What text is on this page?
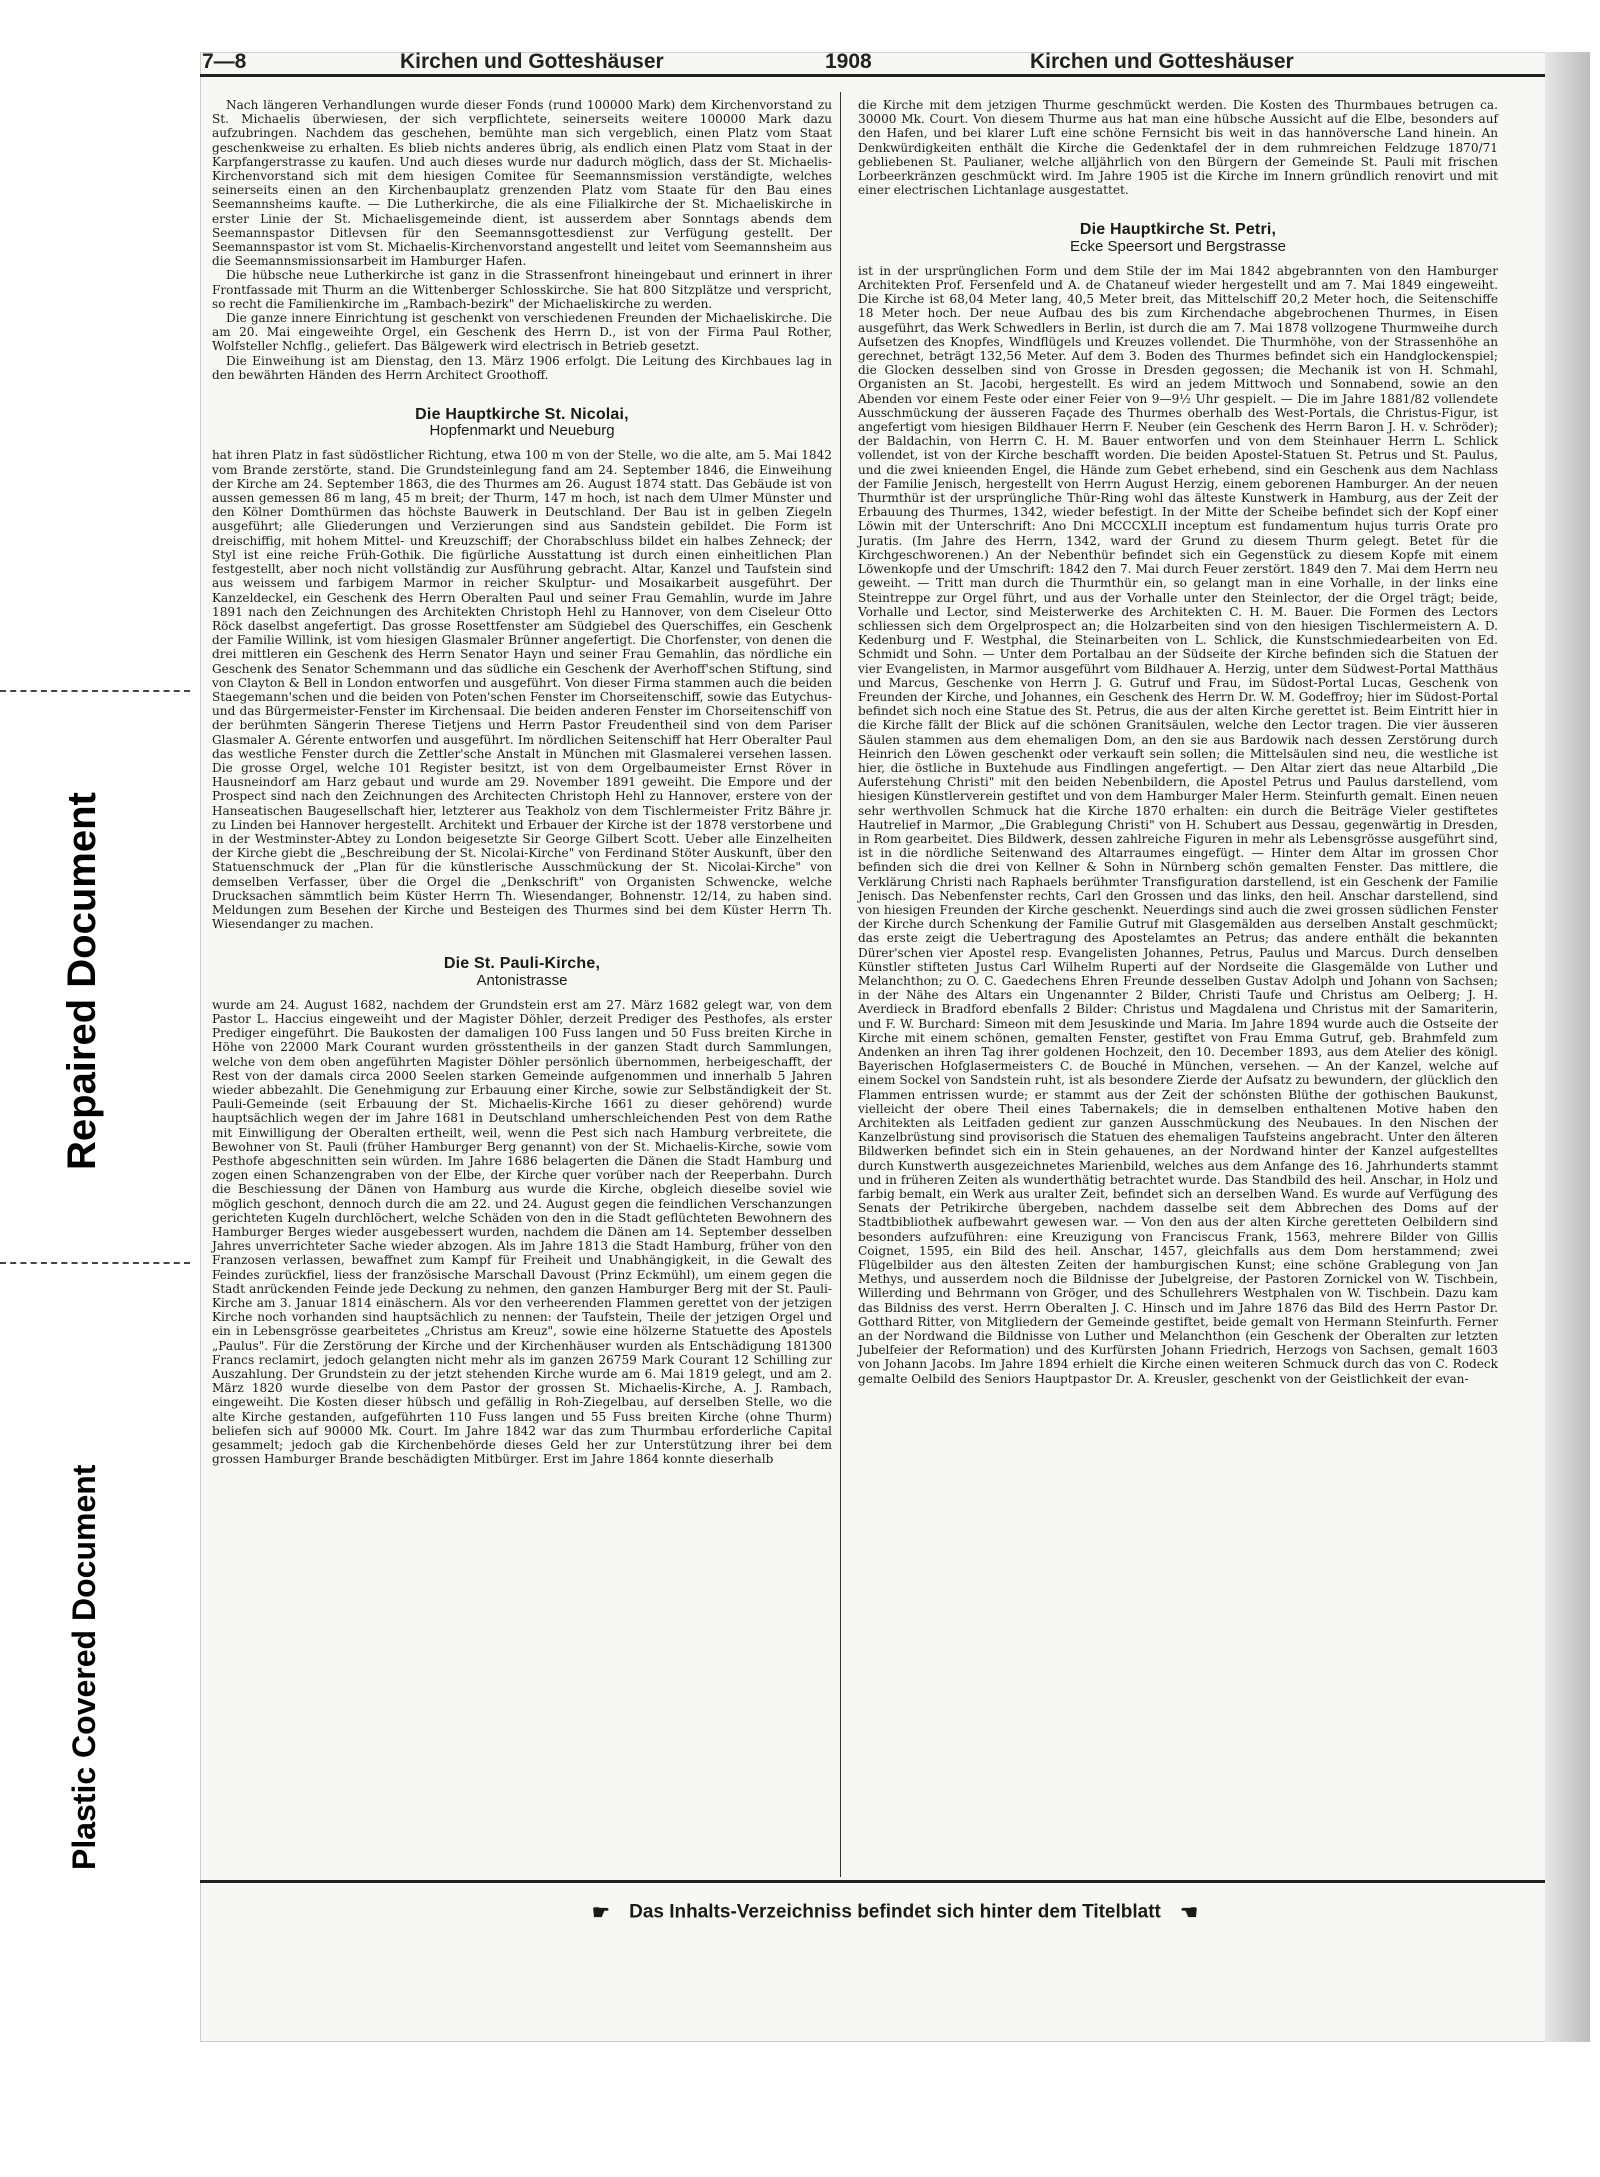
Repaired Document
Plastic Covered Document
7—8	Kirchen und Gotteshäuser	1908	Kirchen und Gotteshäuser

Nach längeren Verhandlungen wurde dieser Fonds (rund 100000 Mark) dem Kirchenvorstand zu St. Michaelis überwiesen, der sich verpflichtete, seinerseits weitere 100000 Mark dazu aufzubringen. Nachdem das geschehen, bemühte man sich vergeblich, einen Platz vom Staat geschenkweise zu erhalten. Es blieb nichts anderes übrig, als endlich einen Platz vom Staat in der Karpfangerstrasse zu kaufen. Und auch dieses wurde nur dadurch möglich, dass der St. Michaelis-Kirchenvorstand sich mit dem hiesigen Comitee für Seemannsmission verständigte, welches seinerseits einen an den Kirchenbauplatz grenzenden Platz vom Staate für den Bau eines Seemannsheims kaufte. — Die Lutherkirche, die als eine Filialkirche der St. Michaeliskirche in erster Linie der St. Michaelisgemeinde dient, ist ausserdem aber Sonntags abends dem Seemannspastor Ditlevsen für den Seemannsgottesdienst zur Verfügung gestellt. Der Seemannspastor ist vom St. Michaelis-Kirchenvorstand angestellt und leitet vom Seemannsheim aus die Seemannsmissionsarbeit im Hamburger Hafen.

Die hübsche neue Lutherkirche ist ganz in die Strassenfront hineingebaut und erinnert in ihrer Frontfassade mit Thurm an die Wittenberger Schlosskirche. Sie hat 800 Sitzplätze und verspricht, so recht die Familienkirche im „Rambach-bezirk" der Michaeliskirche zu werden.

Die ganze innere Einrichtung ist geschenkt von verschiedenen Freunden der Michaeliskirche. Die am 20. Mai eingeweihte Orgel, ein Geschenk des Herrn D., ist von der Firma Paul Rother, Wolfsteller Nchflg., geliefert. Das Bälgewerk wird electrisch in Betrieb gesetzt.

Die Einweihung ist am Dienstag, den 13. März 1906 erfolgt. Die Leitung des Kirchbaues lag in den bewährten Händen des Herrn Architect Groothoff.

Die Hauptkirche St. Nicolai,
Hopfenmarkt und Neueburg

hat ihren Platz in fast südöstlicher Richtung, etwa 100 m von der Stelle, wo die alte, am 5. Mai 1842 vom Brande zerstörte, stand. Die Grundsteinlegung fand am 24. September 1846, die Einweihung der Kirche am 24. September 1863, die des Thurmes am 26. August 1874 statt. Das Gebäude ist von aussen gemessen 86 m lang, 45 m breit; der Thurm, 147 m hoch, ist nach dem Ulmer Münster und den Kölner Domthürmen das höchste Bauwerk in Deutschland. Der Bau ist in gelben Ziegeln ausgeführt; alle Gliederungen und Verzierungen sind aus Sandstein gebildet. Die Form ist dreischiffig, mit hohem Mittel- und Kreuzschiff; der Chorabschluss bildet ein halbes Zehneck; der Styl ist eine reiche Früh-Gothik. Die figürliche Ausstattung ist durch einen einheitlichen Plan festgestellt, aber noch nicht vollständig zur Ausführung gebracht. Altar, Kanzel und Taufstein sind aus weissem und farbigem Marmor in reicher Skulptur- und Mosaikarbeit ausgeführt. Der Kanzeldeckel, ein Geschenk des Herrn Oberalten Paul und seiner Frau Gemahlin, wurde im Jahre 1891 nach den Zeichnungen des Architekten Christoph Hehl zu Hannover, von dem Ciseleur Otto Röck daselbst angefertigt. Das grosse Rosettfenster am Südgiebel des Querschiffes, ein Geschenk der Familie Willink, ist vom hiesigen Glasmaler Brünner angefertigt. Die Chorfenster, von denen die drei mittleren ein Geschenk des Herrn Senator Hayn und seiner Frau Gemahlin, das nördliche ein Geschenk des Senator Schemmann und das südliche ein Geschenk der Averhoff'schen Stiftung, sind von Clayton & Bell in London entworfen und ausgeführt. Von dieser Firma stammen auch die beiden Staegemann'schen und die beiden von Poten'schen Fenster im Chorseitenschiff, sowie das Eutychus- und das Bürgermeister-Fenster im Kirchensaal. Die beiden anderen Fenster im Chorseitenschiff von der berühmten Sängerin Therese Tietjens und Herrn Pastor Freudentheil sind von dem Pariser Glasmaler A. Gérente entworfen und ausgeführt. Im nördlichen Seitenschiff hat Herr Oberalter Paul das westliche Fenster durch die Zettler'sche Anstalt in München mit Glasmalerei versehen lassen. Die grosse Orgel, welche 101 Register besitzt, ist von dem Orgelbaumeister Ernst Röver in Hausneindorf am Harz gebaut und wurde am 29. November 1891 geweiht. Die Empore und der Prospect sind nach den Zeichnungen des Architecten Christoph Hehl zu Hannover, erstere von der Hanseatischen Baugesellschaft hier, letzterer aus Teakholz von dem Tischlermeister Fritz Bähre jr. zu Linden bei Hannover hergestellt. Architekt und Erbauer der Kirche ist der 1878 verstorbene und in der Westminster-Abtey zu London beigesetzte Sir George Gilbert Scott. Ueber alle Einzelheiten der Kirche giebt die „Beschreibung der St. Nicolai-Kirche" von Ferdinand Stöter Auskunft, über den Statuenschmuck der „Plan für die künstlerische Ausschmückung der St. Nicolai-Kirche" von demselben Verfasser, über die Orgel die „Denkschrift" von Organisten Schwencke, welche Drucksachen sämmtlich beim Küster Herrn Th. Wiesendanger, Bohnenstr. 12/14, zu haben sind. Meldungen zum Besehen der Kirche und Besteigen des Thurmes sind bei dem Küster Herrn Th. Wiesendanger zu machen.

Die St. Pauli-Kirche,
Antonistrasse

wurde am 24. August 1682, nachdem der Grundstein erst am 27. März 1682 gelegt war, von dem Pastor L. Haccius eingeweiht und der Magister Döhler, derzeit Prediger des Pesthofes, als erster Prediger eingeführt. Die Baukosten der damaligen 100 Fuss langen und 50 Fuss breiten Kirche in Höhe von 22000 Mark Courant wurden grösstentheils in der ganzen Stadt durch Sammlungen, welche von dem oben angeführten Magister Döhler persönlich übernommen, herbeigeschafft, der Rest von der damals circa 2000 Seelen starken Gemeinde aufgenommen und innerhalb 5 Jahren wieder abbezahlt. Die Genehmigung zur Erbauung einer Kirche, sowie zur Selbständigkeit der St. Pauli-Gemeinde (seit Erbauung der St. Michaelis-Kirche 1661 zu dieser gehörend) wurde hauptsächlich wegen der im Jahre 1681 in Deutschland umherschleichenden Pest von dem Rathe mit Einwilligung der Oberalten ertheilt, weil, wenn die Pest sich nach Hamburg verbreitete, die Bewohner von St. Pauli (früher Hamburger Berg genannt) von der St. Michaelis-Kirche, sowie vom Pesthofe abgeschnitten sein würden. Im Jahre 1686 belagerten die Dänen die Stadt Hamburg und zogen einen Schanzengraben von der Elbe, der Kirche quer vorüber nach der Reeperbahn. Durch die Beschiessung der Dänen von Hamburg aus wurde die Kirche, obgleich dieselbe soviel wie möglich geschont, dennoch durch die am 22. und 24. August gegen die feindlichen Verschanzungen gerichteten Kugeln durchlöchert, welche Schäden von den in die Stadt geflüchteten Bewohnern des Hamburger Berges wieder ausgebessert wurden, nachdem die Dänen am 14. September desselben Jahres unverrichteter Sache wieder abzogen. Als im Jahre 1813 die Stadt Hamburg, früher von den Franzosen verlassen, bewaffnet zum Kampf für Freiheit und Unabhängigkeit, in die Gewalt des Feindes zurückfiel, liess der französische Marschall Davoust (Prinz Eckmühl), um einem gegen die Stadt anrückenden Feinde jede Deckung zu nehmen, den ganzen Hamburger Berg mit der St. Pauli-Kirche am 3. Januar 1814 einäschern. Als vor den verheerenden Flammen gerettet von der jetzigen Kirche noch vorhanden sind hauptsächlich zu nennen: der Taufstein, Theile der jetzigen Orgel und ein in Lebensgrösse gearbeitetes „Christus am Kreuz", sowie eine hölzerne Statuette des Apostels „Paulus". Für die Zerstörung der Kirche und der Kirchenhäuser wurden als Entschädigung 181300 Francs reclamirt, jedoch gelangten nicht mehr als im ganzen 26759 Mark Courant 12 Schilling zur Auszahlung. Der Grundstein zu der jetzt stehenden Kirche wurde am 6. Mai 1819 gelegt, und am 2. März 1820 wurde dieselbe von dem Pastor der grossen St. Michaelis-Kirche, A. J. Rambach, eingeweiht. Die Kosten dieser hübsch und gefällig in Roh-Ziegelbau, auf derselben Stelle, wo die alte Kirche gestanden, aufgeführten 110 Fuss langen und 55 Fuss breiten Kirche (ohne Thurm) beliefen sich auf 90000 Mk. Court. Im Jahre 1842 war das zum Thurmbau erforderliche Capital gesammelt; jedoch gab die Kirchenbehörde dieses Geld her zur Unterstützung ihrer bei dem grossen Hamburger Brande beschädigten Mitbürger. Erst im Jahre 1864 konnte dieserhalb

die Kirche mit dem jetzigen Thurme geschmückt werden. Die Kosten des Thurmbaues betrugen ca. 30000 Mk. Court. Von diesem Thurme aus hat man eine hübsche Aussicht auf die Elbe, besonders auf den Hafen, und bei klarer Luft eine schöne Fernsicht bis weit in das hannöversche Land hinein. An Denkwürdigkeiten enthält die Kirche die Gedenktafel der in dem ruhmreichen Feldzuge 1870/71 gebliebenen St. Paulianer, welche alljährlich von den Bürgern der Gemeinde St. Pauli mit frischen Lorbeerkränzen geschmückt wird. Im Jahre 1905 ist die Kirche im Innern gründlich renovirt und mit einer electrischen Lichtanlage ausgestattet.

Die Hauptkirche St. Petri,
Ecke Speersort und Bergstrasse

ist in der ursprünglichen Form und dem Stile der im Mai 1842 abgebrannten von den Hamburger Architekten Prof. Fersenfeld und A. de Chataneuf wieder hergestellt und am 7. Mai 1849 eingeweiht. Die Kirche ist 68,04 Meter lang, 40,5 Meter breit, das Mittelschiff 20,2 Meter hoch, die Seitenschiffe 18 Meter hoch. Der neue Aufbau des bis zum Kirchendache abgebrochenen Thurmes, in Eisen ausgeführt, das Werk Schwedlers in Berlin, ist durch die am 7. Mai 1878 vollzogene Thurmweihe durch Aufsetzen des Knopfes, Windflügels und Kreuzes vollendet. Die Thurmhöhe, von der Strassenhöhe an gerechnet, beträgt 132,56 Meter. Auf dem 3. Boden des Thurmes befindet sich ein Handglockenspiel; die Glocken desselben sind von Grosse in Dresden gegossen; die Mechanik ist von H. Schmahl, Organisten an St. Jacobi, hergestellt. Es wird an jedem Mittwoch und Sonnabend, sowie an den Abenden vor einem Feste oder einer Feier von 9—9½ Uhr gespielt. — Die im Jahre 1881/82 vollendete Ausschmückung der äusseren Façade des Thurmes oberhalb des West-Portals, die Christus-Figur, ist angefertigt vom hiesigen Bildhauer Herrn F. Neuber (ein Geschenk des Herrn Baron J. H. v. Schröder); der Baldachin, von Herrn C. H. M. Bauer entworfen und von dem Steinhauer Herrn L. Schlick vollendet, ist von der Kirche beschafft worden. Die beiden Apostel-Statuen St. Petrus und St. Paulus, und die zwei knieenden Engel, die Hände zum Gebet erhebend, sind ein Geschenk aus dem Nachlass der Familie Jenisch, hergestellt von Herrn August Herzig, einem geborenen Hamburger. An der neuen Thurmthür ist der ursprüngliche Thür-Ring wohl das älteste Kunstwerk in Hamburg, aus der Zeit der Erbauung des Thurmes, 1342, wieder befestigt. In der Mitte der Scheibe befindet sich der Kopf einer Löwin mit der Unterschrift: Ano Dni MCCCXLII inceptum est fundamentum hujus turris Orate pro Juratis. (Im Jahre des Herrn, 1342, ward der Grund zu diesem Thurm gelegt. Betet für die Kirchgeschworenen.) An der Nebenthür befindet sich ein Gegenstück zu diesem Kopfe mit einem Löwenkopfe und der Umschrift: 1842 den 7. Mai durch Feuer zerstört. 1849 den 7. Mai dem Herrn neu geweiht. — Tritt man durch die Thurmthür ein, so gelangt man in eine Vorhalle, in der links eine Steintreppe zur Orgel führt, und aus der Vorhalle unter den Steinlector, der die Orgel trägt; beide, Vorhalle und Lector, sind Meisterwerke des Architekten C. H. M. Bauer. Die Formen des Lectors schliessen sich dem Orgelprospect an; die Holzarbeiten sind von den hiesigen Tischlermeistern A. D. Kedenburg und F. Westphal, die Steinarbeiten von L. Schlick, die Kunstschmiedearbeiten von Ed. Schmidt und Sohn. — Unter dem Portalbau an der Südseite der Kirche befinden sich die Statuen der vier Evangelisten, in Marmor ausgeführt vom Bildhauer A. Herzig, unter dem Südwest-Portal Matthäus und Marcus, Geschenke von Herrn J. G. Gutruf und Frau, im Südost-Portal Lucas, Geschenk von Freunden der Kirche, und Johannes, ein Geschenk des Herrn Dr. W. M. Godeffroy; hier im Südost-Portal befindet sich noch eine Statue des St. Petrus, die aus der alten Kirche gerettet ist. Beim Eintritt hier in die Kirche fällt der Blick auf die schönen Granitsäulen, welche den Lector tragen. Die vier äusseren Säulen stammen aus dem ehemaligen Dom, an den sie aus Bardowik nach dessen Zerstörung durch Heinrich den Löwen geschenkt oder verkauft sein sollen; die Mittelsäulen sind neu, die westliche ist hier, die östliche in Buxtehude aus Findlingen angefertigt. — Den Altar ziert das neue Altarbild „Die Auferstehung Christi" mit den beiden Nebenbildern, die Apostel Petrus und Paulus darstellend, vom hiesigen Künstlerverein gestiftet und von dem Hamburger Maler Herm. Steinfurth gemalt. Einen neuen sehr werthvollen Schmuck hat die Kirche 1870 erhalten: ein durch die Beiträge Vieler gestiftetes Hautrelief in Marmor, „Die Grablegung Christi" von H. Schubert aus Dessau, gegenwärtig in Dresden, in Rom gearbeitet. Dies Bildwerk, dessen zahlreiche Figuren in mehr als Lebensgrösse ausgeführt sind, ist in die nördliche Seitenwand des Altarraumes eingefügt. — Hinter dem Altar im grossen Chor befinden sich die drei von Kellner & Sohn in Nürnberg schön gemalten Fenster. Das mittlere, die Verklärung Christi nach Raphaels berühmter Transfiguration darstellend, ist ein Geschenk der Familie Jenisch. Das Nebenfenster rechts, Carl den Grossen und das links, den heil. Anschar darstellend, sind von hiesigen Freunden der Kirche geschenkt. Neuerdings sind auch die zwei grossen südlichen Fenster der Kirche durch Schenkung der Familie Gutruf mit Glasgemälden aus derselben Anstalt geschmückt; das erste zeigt die Uebertragung des Apostelamtes an Petrus; das andere enthält die bekannten Dürer'schen vier Apostel resp. Evangelisten Johannes, Petrus, Paulus und Marcus. Durch denselben Künstler stifteten Justus Carl Wilhelm Ruperti auf der Nordseite die Glasgemälde von Luther und Melanchthon; zu O. C. Gaedechens Ehren Freunde desselben Gustav Adolph und Johann von Sachsen; in der Nähe des Altars ein Ungenannter 2 Bilder, Christi Taufe und Christus am Oelberg; J. H. Averdieck in Bradford ebenfalls 2 Bilder: Christus und Magdalena und Christus mit der Samariterin, und F. W. Burchard: Simeon mit dem Jesuskinde und Maria. Im Jahre 1894 wurde auch die Ostseite der Kirche mit einem schönen, gemalten Fenster, gestiftet von Frau Emma Gutruf, geb. Brahmfeld zum Andenken an ihren Tag ihrer goldenen Hochzeit, den 10. December 1893, aus dem Atelier des königl. Bayerischen Hofglasermeisters C. de Bouché in München, versehen. — An der Kanzel, welche auf einem Sockel von Sandstein ruht, ist als besondere Zierde der Aufsatz zu bewundern, der glücklich den Flammen entrissen wurde; er stammt aus der Zeit der schönsten Blüthe der gothischen Baukunst, vielleicht der obere Theil eines Tabernakels; die in demselben enthaltenen Motive haben den Architekten als Leitfaden gedient zur ganzen Ausschmückung des Neubaues. In den Nischen der Kanzelbrüstung sind provisorisch die Statuen des ehemaligen Taufsteins angebracht. Unter den älteren Bildwerken befindet sich ein in Stein gehauenes, an der Nordwand hinter der Kanzel aufgestelltes durch Kunstwerth ausgezeichnetes Marienbild, welches aus dem Anfange des 16. Jahrhunderts stammt und in früheren Zeiten als wunderthätig betrachtet wurde. Das Standbild des heil. Anschar, in Holz und farbig bemalt, ein Werk aus uralter Zeit, befindet sich an derselben Wand. Es wurde auf Verfügung des Senats der Petrikirche übergeben, nachdem dasselbe seit dem Abbrechen des Doms auf der Stadtbibliothek aufbewahrt gewesen war. — Von den aus der alten Kirche geretteten Oelbildern sind besonders aufzuführen: eine Kreuzigung von Franciscus Frank, 1563, mehrere Bilder von Gillis Coignet, 1595, ein Bild des heil. Anschar, 1457, gleichfalls aus dem Dom herstammend; zwei Flügelbilder aus den ältesten Zeiten der hamburgischen Kunst; eine schöne Grablegung von Jan Methys, und ausserdem noch die Bildnisse der Jubelgreise, der Pastoren Zornickel von W. Tischbein, Willerding und Behrmann von Gröger, und des Schullehrers Westphalen von W. Tischbein. Dazu kam das Bildniss des verst. Herrn Oberalten J. C. Hinsch und im Jahre 1876 das Bild des Herrn Pastor Dr. Gotthard Ritter, von Mitgliedern der Gemeinde gestiftet, beide gemalt von Hermann Steinfurth. Ferner an der Nordwand die Bildnisse von Luther und Melanchthon (ein Geschenk der Oberalten zur letzten Jubelfeier der Reformation) und des Kurfürsten Johann Friedrich, Herzogs von Sachsen, gemalt 1603 von Johann Jacobs. Im Jahre 1894 erhielt die Kirche einen weiteren Schmuck durch das von C. Rodeck gemalte Oelbild des Seniors Hauptpastor Dr. A. Kreusler, geschenkt von der Geistlichkeit der evan-

☛ Das Inhalts-Verzeichniss befindet sich hinter dem Titelblatt ☚
